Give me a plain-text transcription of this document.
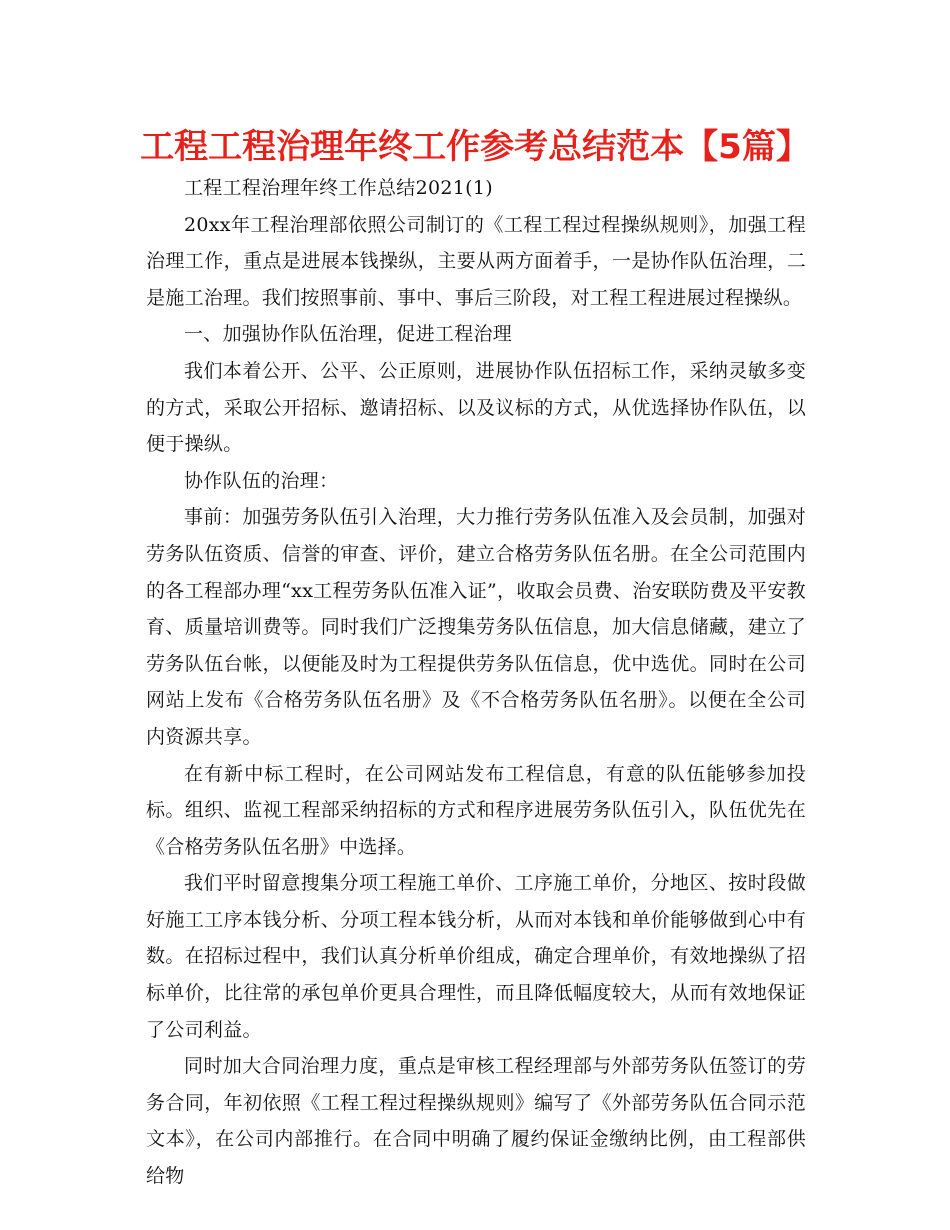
工程工程治理年终工作参考总结范本【5篇】

工程工程治理年终工作总结2021(1)

20xx年工程治理部依照公司制订的《工程工程过程操纵规则》，加强工程治理工作，重点是进展本钱操纵，主要从两方面着手，一是协作队伍治理，二是施工治理。我们按照事前、事中、事后三阶段，对工程工程进展过程操纵。

一、加强协作队伍治理，促进工程治理

我们本着公开、公平、公正原则，进展协作队伍招标工作，采纳灵敏多变的方式，采取公开招标、邀请招标、以及议标的方式，从优选择协作队伍，以便于操纵。

协作队伍的治理：

事前：加强劳务队伍引入治理，大力推行劳务队伍准入及会员制，加强对劳务队伍资质、信誉的审查、评价，建立合格劳务队伍名册。在全公司范围内的各工程部办理“xx工程劳务队伍准入证”，收取会员费、治安联防费及平安教育、质量培训费等。同时我们广泛搜集劳务队伍信息，加大信息储藏，建立了劳务队伍台帐，以便能及时为工程提供劳务队伍信息，优中选优。同时在公司网站上发布《合格劳务队伍名册》及《不合格劳务队伍名册》。以便在全公司内资源共享。

在有新中标工程时，在公司网站发布工程信息，有意的队伍能够参加投标。组织、监视工程部采纳招标的方式和程序进展劳务队伍引入，队伍优先在《合格劳务队伍名册》中选择。

我们平时留意搜集分项工程施工单价、工序施工单价，分地区、按时段做好施工工序本钱分析、分项工程本钱分析，从而对本钱和单价能够做到心中有数。在招标过程中，我们认真分析单价组成，确定合理单价，有效地操纵了招标单价，比往常的承包单价更具合理性，而且降低幅度较大，从而有效地保证了公司利益。

同时加大合同治理力度，重点是审核工程经理部与外部劳务队伍签订的劳务合同，年初依照《工程工程过程操纵规则》编写了《外部劳务队伍合同示范文本》，在公司内部推行。在合同中明确了履约保证金缴纳比例，由工程部供给物
